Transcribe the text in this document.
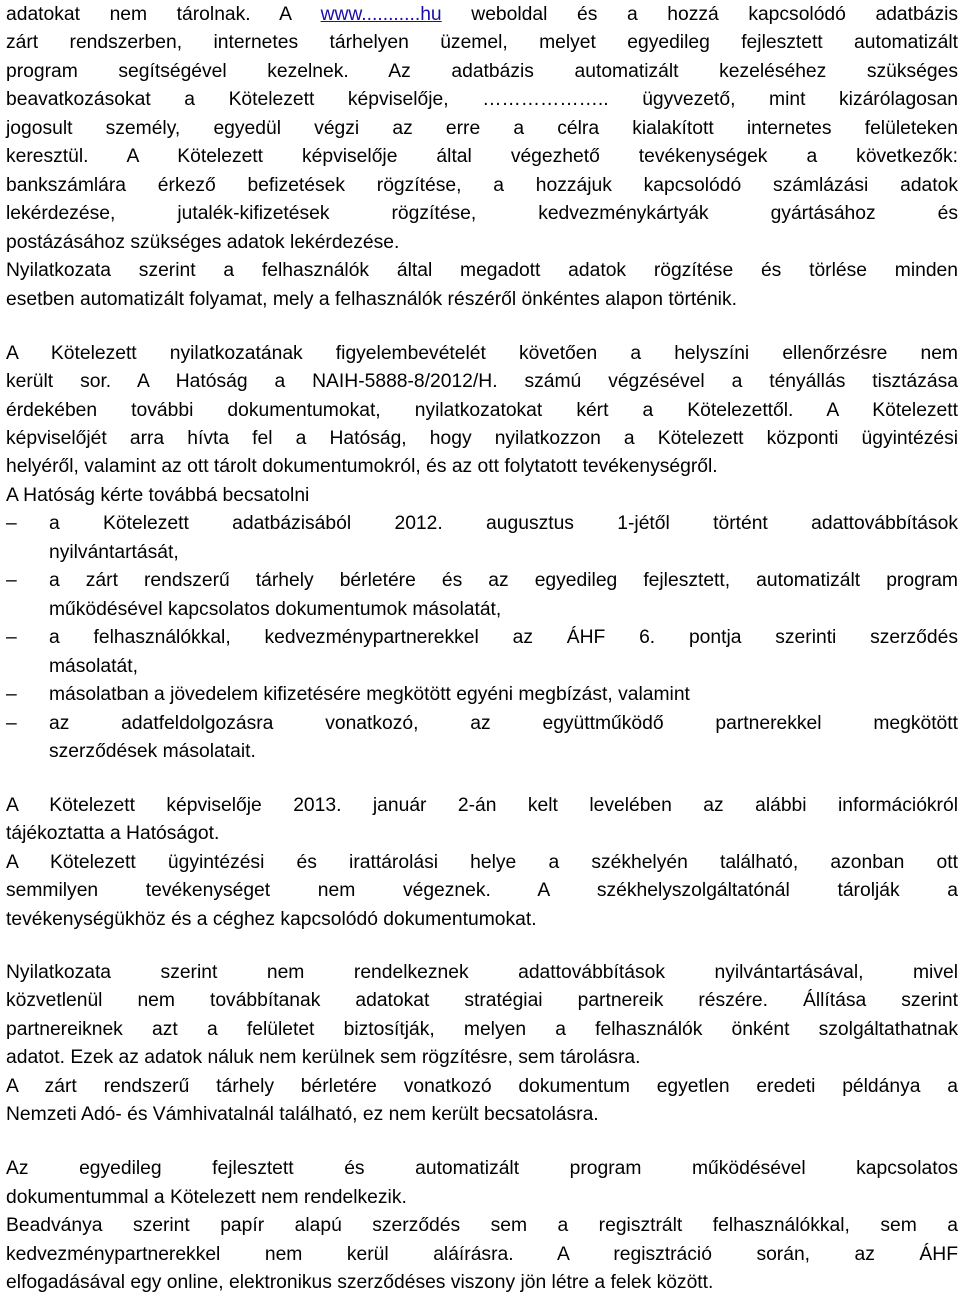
adatokat nem tárolnak. A www...........hu weboldal és a hozzá kapcsolódó adatbázis
zárt rendszerben, internetes tárhelyen üzemel, melyet egyedileg fejlesztett automatizált
program segítségével kezelnek. Az adatbázis automatizált kezeléséhez szükséges
beavatkozásokat a Kötelezett képviselője, ……………….. ügyvezető, mint kizárólagosan
jogosult személy, egyedül végzi az erre a célra kialakított internetes felületeken
keresztül. A Kötelezett képviselője által végezhető tevékenységek a következők:
bankszámlára érkező befizetések rögzítése, a hozzájuk kapcsolódó számlázási adatok
lekérdezése, jutalék-kifizetések rögzítése, kedvezménykártyák gyártásához és
postázásához szükséges adatok lekérdezése.
Nyilatkozata szerint a felhasználók által megadott adatok rögzítése és törlése minden
esetben automatizált folyamat, mely a felhasználók részéről önkéntes alapon történik.
A Kötelezett nyilatkozatának figyelembevételét követően a helyszíni ellenőrzésre nem
került sor. A Hatóság a NAIH-5888-8/2012/H. számú végzésével a tényállás tisztázása
érdekében további dokumentumokat, nyilatkozatokat kért a Kötelezettől. A Kötelezett
képviselőjét arra hívta fel a Hatóság, hogy nyilatkozzon a Kötelezett központi ügyintézési
helyéről, valamint az ott tárolt dokumentumokról, és az ott folytatott tevékenységről.
A Hatóság kérte továbbá becsatolni
– a Kötelezett adatbázisából 2012. augusztus 1-jétől történt adattovábbítások
nyilvántartását,
– a zárt rendszerű tárhely bérletére és az egyedileg fejlesztett, automatizált program
működésével kapcsolatos dokumentumok másolatát,
– a felhasználókkal, kedvezménypartnerekkel az ÁHF 6. pontja szerinti szerződés
másolatát,
– másolatban a jövedelem kifizetésére megkötött egyéni megbízást, valamint
– az adatfeldolgozásra vonatkozó, az együttműködő partnerekkel megkötött
szerződések másolatait.
A Kötelezett képviselője 2013. január 2-án kelt levelében az alábbi információkról
tájékoztatta a Hatóságot.
A Kötelezett ügyintézési és irattárolási helye a székhelyén található, azonban ott
semmilyen tevékenységet nem végeznek. A székhelyszolgáltatónál tárolják a
tevékenységükhöz és a céghez kapcsolódó dokumentumokat.
Nyilatkozata szerint nem rendelkeznek adattovábbítások nyilvántartásával, mivel
közvetlenül nem továbbítanak adatokat stratégiai partnereik részére. Állítása szerint
partnereiknek azt a felületet biztosítják, melyen a felhasználók önként szolgáltathatnak
adatot. Ezek az adatok náluk nem kerülnek sem rögzítésre, sem tárolásra.
A zárt rendszerű tárhely bérletére vonatkozó dokumentum egyetlen eredeti példánya a
Nemzeti Adó- és Vámhivatalnál található, ez nem került becsatolásra.
Az egyedileg fejlesztett és automatizált program működésével kapcsolatos
dokumentummal a Kötelezett nem rendelkezik.
Beadványa szerint papír alapú szerződés sem a regisztrált felhasználókkal, sem a
kedvezménypartnerekkel nem kerül aláírásra. A regisztráció során, az ÁHF
elfogadásával egy online, elektronikus szerződéses viszony jön létre a felek között.
